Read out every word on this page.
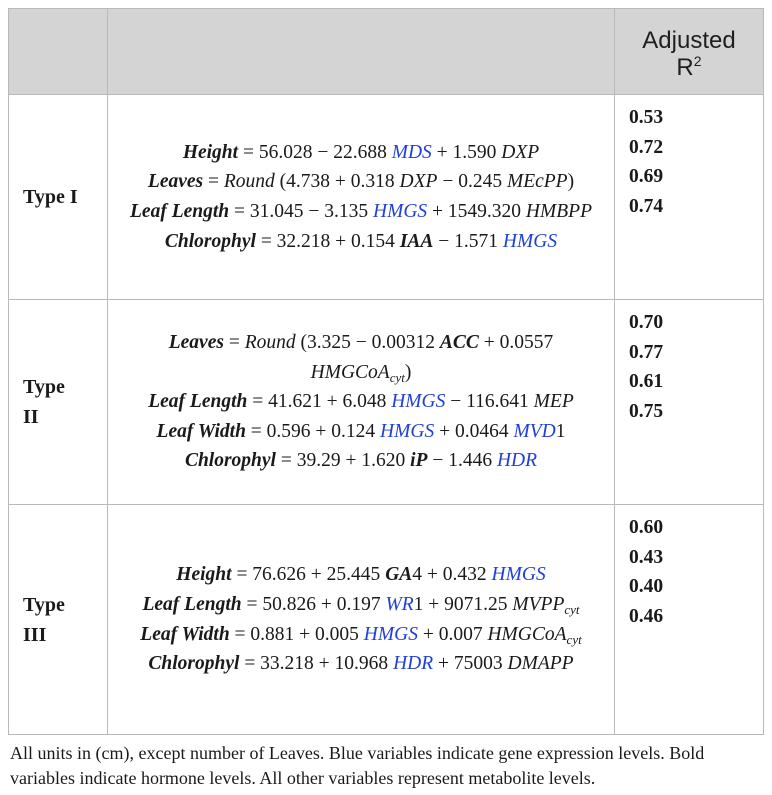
		Adjusted
$R^2$

Type I	Height = 56.028 − 22.688 MDS + 1.590 DXP
Leaves = Round (4.738 + 0.318 DXP − 0.245 MEcPP)
Leaf Length = 31.045 − 3.135 HMGS + 1549.320 HMBPP
Chlorophyl = 32.218 + 0.154 IAA − 1.571 HMGS	0.53
0.72
0.69
0.74

Type II	Leaves = Round (3.325 − 0.00312 ACC + 0.0557 HMGCoA$_{cyt}$)
Leaf Length = 41.621 + 6.048 HMGS − 116.641 MEP
Leaf Width = 0.596 + 0.124 HMGS + 0.0464 MVD1
Chlorophyl = 39.29 + 1.620 iP − 1.446 HDR	0.70
0.77
0.61
0.75

Type III	Height = 76.626 + 25.445 GA4 + 0.432 HMGS
Leaf Length = 50.826 + 0.197 WR1 + 9071.25 $MVPP_{cyt}$
Leaf Width = 0.881 + 0.005 HMGS + 0.007 HMGCoA$_{cyt}$
Chlorophyl = 33.218 + 10.968 HDR + 75003 DMAPP	0.60
0.43
0.40
0.46
All units in (cm), except number of Leaves. Blue variables indicate gene expression levels. Bold variables indicate hormone levels. All other variables represent metabolite levels.
